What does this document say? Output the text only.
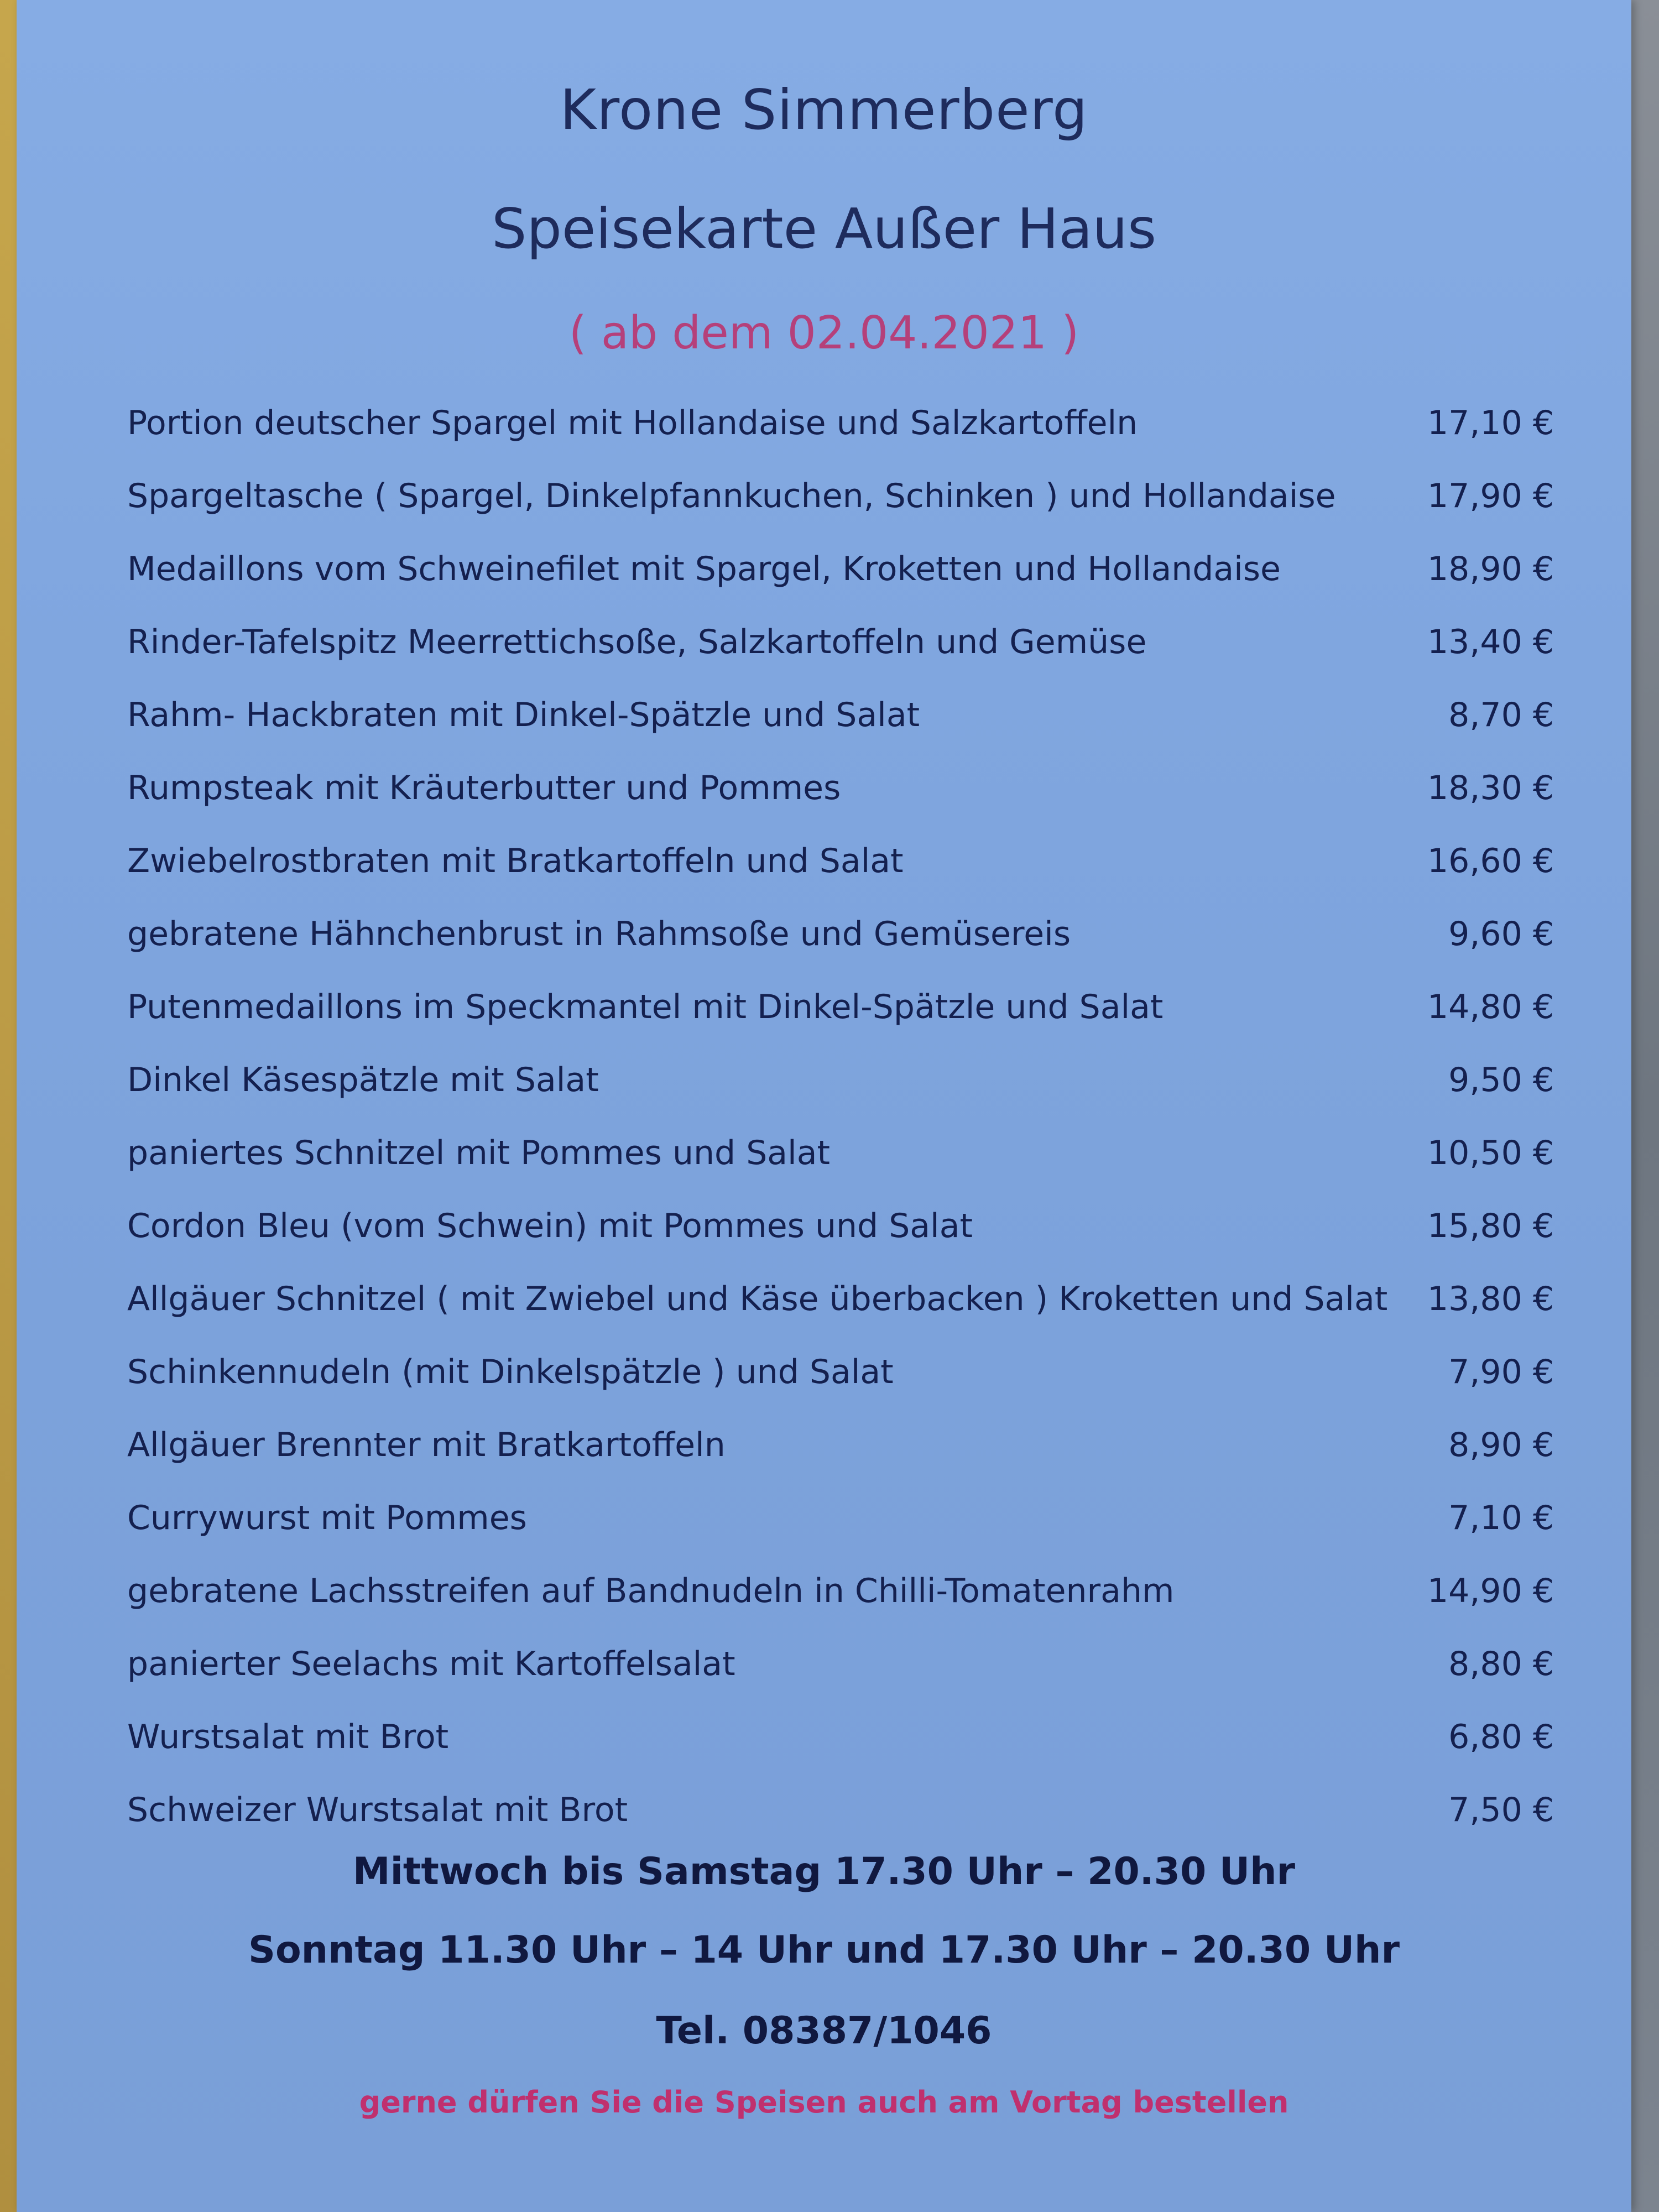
Krone Simmerberg
Speisekarte Außer Haus
( ab dem 02.04.2021 )
Portion deutscher Spargel mit Hollandaise und Salzkartoffeln	17,10 €
Spargeltasche ( Spargel, Dinkelpfannkuchen, Schinken ) und Hollandaise	17,90 €
Medaillons vom Schweinefilet mit Spargel, Kroketten und Hollandaise	18,90 €
Rinder-Tafelspitz Meerrettichsoße, Salzkartoffeln und Gemüse	13,40 €
Rahm- Hackbraten mit Dinkel-Spätzle und Salat	8,70 €
Rumpsteak mit Kräuterbutter und Pommes	18,30 €
Zwiebelrostbraten mit Bratkartoffeln und Salat	16,60 €
gebratene Hähnchenbrust in Rahmsoße und Gemüsereis	9,60 €
Putenmedaillons im Speckmantel mit Dinkel-Spätzle und Salat	14,80 €
Dinkel Käsespätzle mit Salat	9,50 €
paniertes Schnitzel mit Pommes und Salat	10,50 €
Cordon Bleu (vom Schwein) mit Pommes und Salat	15,80 €
Allgäuer Schnitzel ( mit Zwiebel und Käse überbacken ) Kroketten und Salat	13,80 €
Schinkennudeln (mit Dinkelspätzle ) und Salat	7,90 €
Allgäuer Brennter mit Bratkartoffeln	8,90 €
Currywurst mit Pommes	7,10 €
gebratene Lachsstreifen auf Bandnudeln in Chilli-Tomatenrahm	14,90 €
panierter Seelachs mit Kartoffelsalat	8,80 €
Wurstsalat mit Brot	6,80 €
Schweizer Wurstsalat mit Brot	7,50 €
Mittwoch bis Samstag 17.30 Uhr – 20.30 Uhr
Sonntag 11.30 Uhr – 14 Uhr und 17.30 Uhr – 20.30 Uhr
Tel. 08387/1046
gerne dürfen Sie die Speisen auch am Vortag bestellen
